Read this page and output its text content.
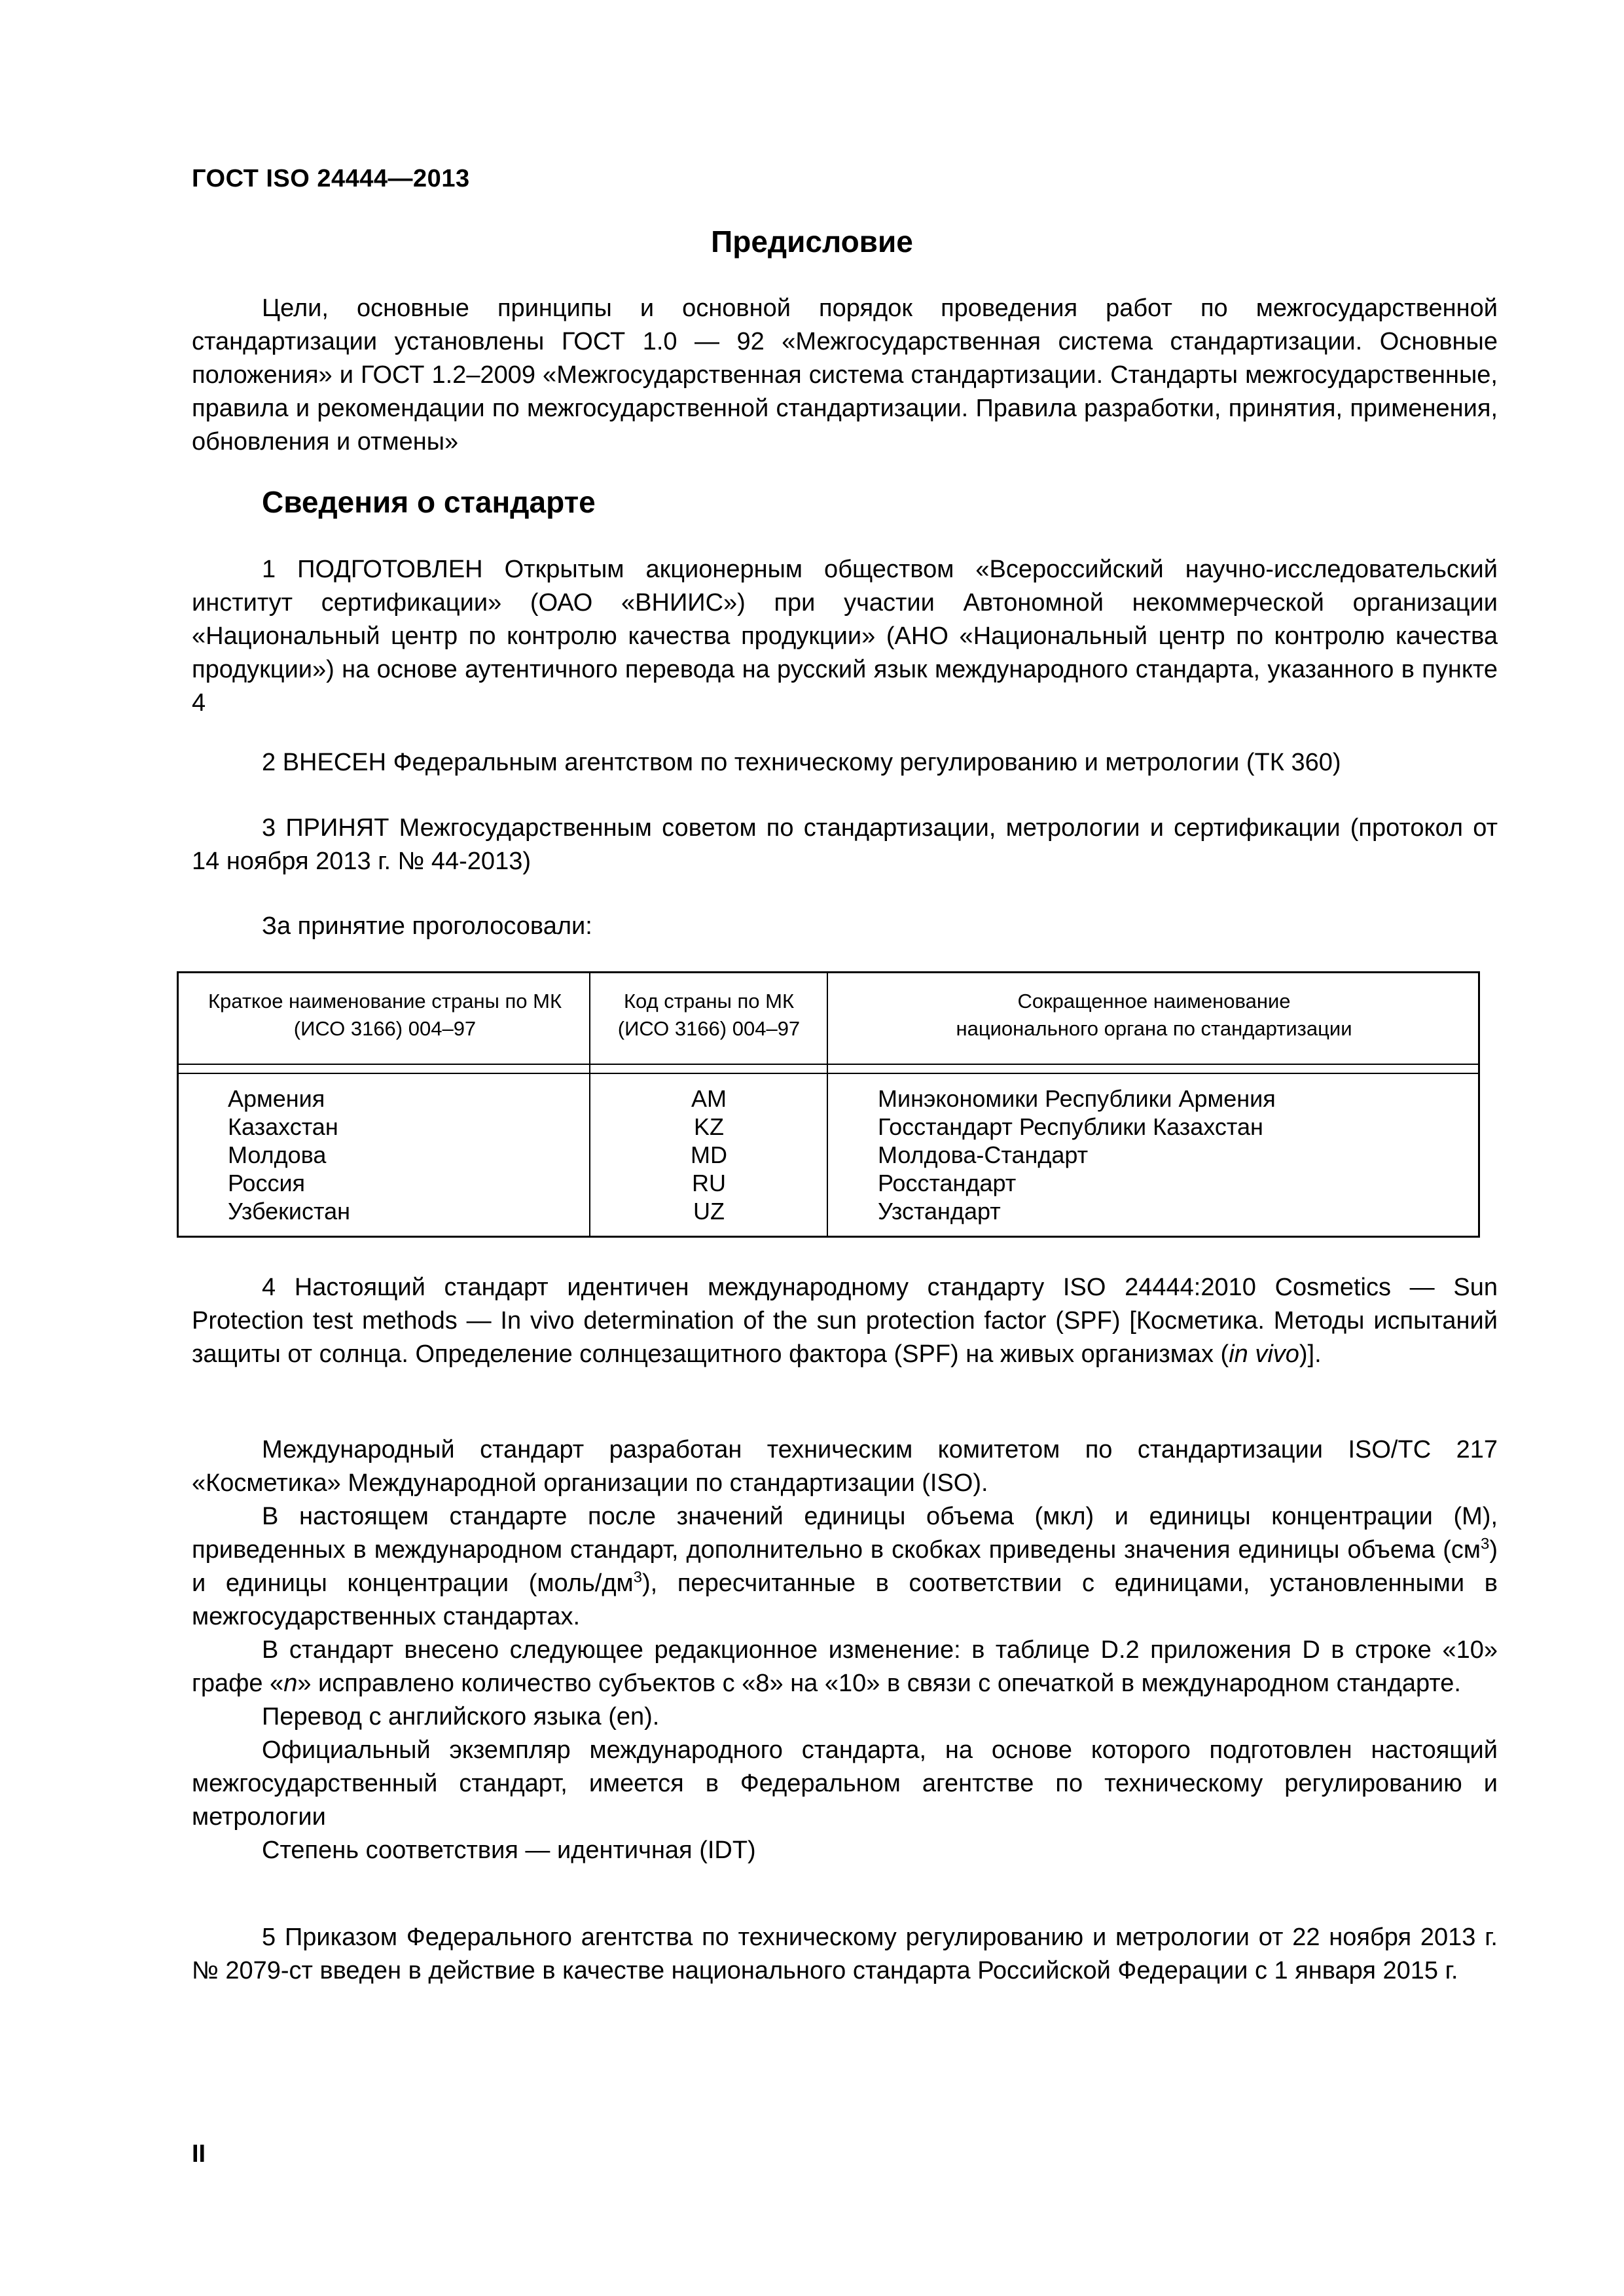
ГОСТ ISO 24444—2013
Предисловие

Цели, основные принципы и основной порядок проведения работ по межгосударственной стандартизации установлены ГОСТ 1.0 — 92 «Межгосударственная система стандартизации. Основные положения» и ГОСТ 1.2–2009 «Межгосударственная система стандартизации. Стандарты межгосударственные, правила и рекомендации по межгосударственной стандартизации. Правила разработки, принятия, применения, обновления и отмены»

Сведения о стандарте

1 ПОДГОТОВЛЕН Открытым акционерным обществом «Всероссийский научно-исследовательский институт сертификации» (ОАО «ВНИИС») при участии Автономной некоммерческой организации «Национальный центр по контролю качества продукции» (АНО «Национальный центр по контролю качества продукции») на основе аутентичного перевода на русский язык международного стандарта, указанного в пункте 4

2 ВНЕСЕН Федеральным агентством по техническому регулированию и метрологии (ТК 360)

3 ПРИНЯТ Межгосударственным советом по стандартизации, метрологии и сертификации (протокол от 14 ноября 2013 г. № 44-2013)

За принятие проголосовали:

Краткое наименование страны по МК (ИСО 3166) 004–97
Код страны по МК (ИСО 3166) 004–97
Сокращенное наименование национального органа по стандартизации
Армения
Казахстан
Молдова
Россия
Узбекистан
AM
KZ
MD
RU
UZ
Минэкономики Республики Армения
Госстандарт Республики Казахстан
Молдова-Стандарт
Росстандарт
Узстандарт

4 Настоящий стандарт идентичен международному стандарту ISO 24444:2010 Cosmetics — Sun Protection test methods — In vivo determination of the sun protection factor (SPF) [Косметика. Методы испытаний защиты от солнца. Определение солнцезащитного фактора (SPF) на живых организмах (in vivo)].

Международный стандарт разработан техническим комитетом по стандартизации ISO/TC 217 «Косметика» Международной организации по стандартизации (ISO).

В настоящем стандарте после значений единицы объема (мкл) и единицы концентрации (М), приведенных в международном стандарт, дополнительно в скобках приведены значения единицы объема $(см^3)$ и единицы концентрации $(моль/дм^3)$, пересчитанные в соответствии с единицами, установленными в межгосударственных стандартах.

В стандарт внесено следующее редакционное изменение: в таблице D.2 приложения D в строке «10» графе «n» исправлено количество субъектов с «8» на «10» в связи с опечаткой в международном стандарте.

Перевод с английского языка (en).

Официальный экземпляр международного стандарта, на основе которого подготовлен настоящий межгосударственный стандарт, имеется в Федеральном агентстве по техническому регулированию и метрологии

Степень соответствия — идентичная (IDT)

5 Приказом Федерального агентства по техническому регулированию и метрологии от 22 ноября 2013 г. № 2079-ст введен в действие в качестве национального стандарта Российской Федерации с 1 января 2015 г.

II
